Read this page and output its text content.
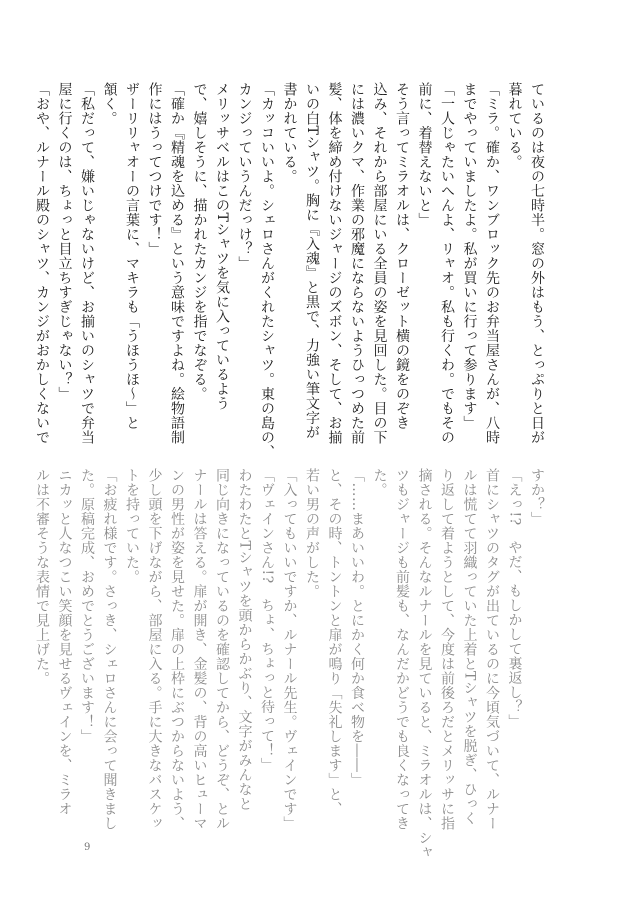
ているのは夜の七時半。窓の外はもう、とっぷりと日が

暮れている。

「ミラ。確か、ワンブロック先のお弁当屋さんが、八時

までやっていましたよ。私が買いに行って参ります」

「一人じゃたいへんよ、リャオ。私も行くわ。でもその

前に、着替えないと」

そう言ってミラオルは、クローゼット横の鏡をのぞき

込み、それから部屋にいる全員の姿を見回した。目の下

には濃いクマ、作業の邪魔にならないようひっつめた前

髪、体を締め付けないジャージのズボン、そして、お揃

いの白Tシャツ。胸に『入魂』と黒で、力強い筆文字が

書かれている。

「カッコいいよ。シェロさんがくれたシャツ。東の島の、

カンジっていうんだっけ？」

メリッサベルはこのTシャツを気に入っているよう

で、嬉しそうに、描かれたカンジを指でなぞる。

「確か『精魂を込める』という意味ですよね。絵物語制

作にはうってつけです！」

ザーリリャオーの言葉に、マキラも「うほうほ～」と

頷く。

「私だって、嫌いじゃないけど、お揃いのシャツで弁当

屋に行くのは、ちょっと目立ちすぎじゃない？」

「おや、ルナール殿のシャツ、カンジがおかしくないで

すか？」

「えっ!?　やだ、もしかして裏返し？」

首にシャツのタグが出ているのに今頃気づいて、ルナー

ルは慌てて羽織っていた上着とTシャツを脱ぎ、ひっく

り返して着ようとして、今度は前後ろだとメリッサに指

摘される。そんなルナールを見ていると、ミラオルは、シャ

ツもジャージも前髪も、なんだかどうでも良くなってき

た。

「……まあいいわ。とにかく何か食べ物を――」

と、その時、トントンと扉が鳴り「失礼します」と、

若い男の声がした。

「入ってもいいですか、ルナール先生。ヴェインです」

「ヴェインさん!?　ちょ、ちょっと待って！」

わたわたとTシャツを頭からかぶり、文字がみんなと

同じ向きになっているのを確認してから、どうぞ、とル

ナールは答える。扉が開き、金髪の、背の高いヒューマ

ンの男性が姿を見せた。扉の上枠にぶつからないよう、

少し頭を下げながら、部屋に入る。手に大きなバスケッ

トを持っていた。

「お疲れ様です。さっき、シェロさんに会って聞きまし

た。原稿完成、おめでとうございます！」

ニカッと人なつこい笑顔を見せるヴェインを、ミラオ

ルは不審そうな表情で見上げた。

9
